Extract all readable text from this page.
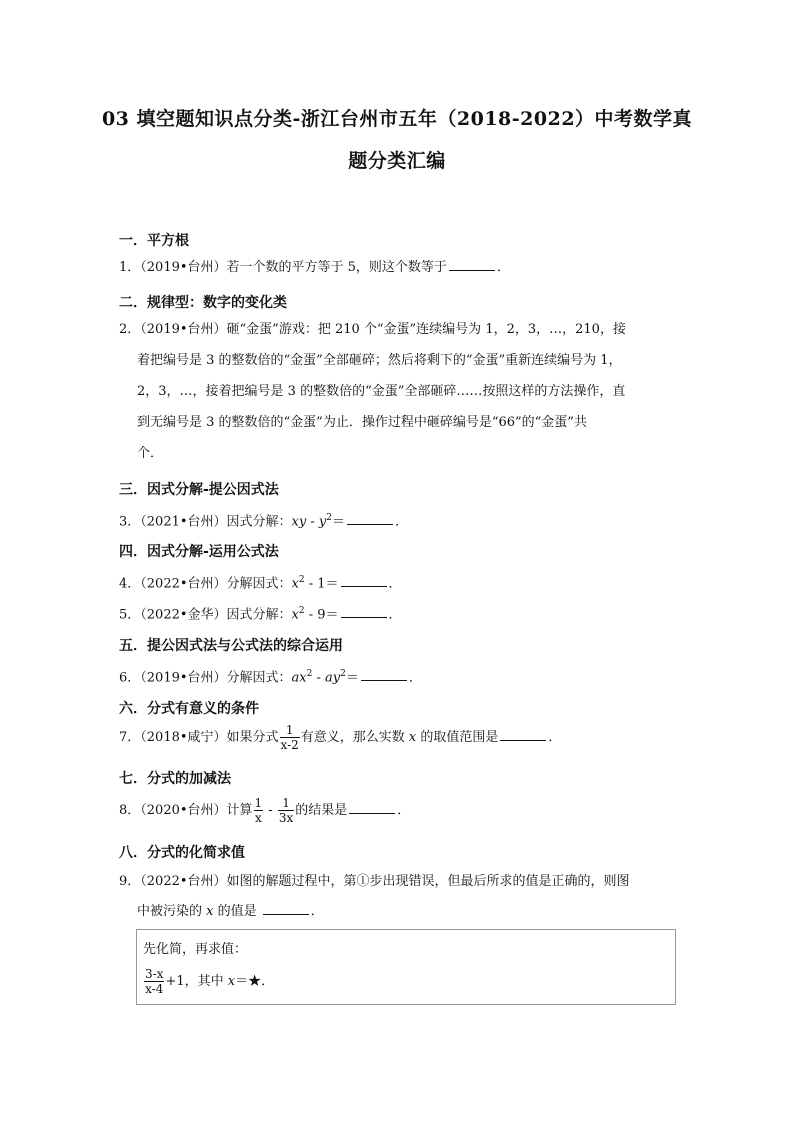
03 填空题知识点分类-浙江台州市五年（2018-2022）中考数学真
题分类汇编
一．平方根
1．（2019•台州）若一个数的平方等于 5，则这个数等于	．
二．规律型：数字的变化类
2．（2019•台州）砸“金蛋”游戏：把 210 个“金蛋”连续编号为 1，2，3，…，210，接
着把编号是 3 的整数倍的“金蛋”全部砸碎；然后将剩下的“金蛋”重新连续编号为 1，
2，3，…，接着把编号是 3 的整数倍的“金蛋”全部砸碎……按照这样的方法操作，直
到无编号是 3 的整数倍的“金蛋”为止．操作过程中砸碎编号是“66”的“金蛋”共
个．
三．因式分解-提公因式法
3．（2021•台州）因式分解：xy - $y^2=$	．
四．因式分解-运用公式法
4．（2022•台州）分解因式：$x^2 - 1=$	．
5．（2022•金华）因式分解：$x^2 - 9=$	．
五．提公因式法与公式法的综合运用
6．（2019•台州）分解因式：$ax^2 - ay^2=$	．
六．分式有意义的条件
7．（2018•咸宁）如果分式 $\frac{1}{x-2}$ 有意义，那么实数 x 的取值范围是	．
七．分式的加减法
8．（2020•台州）计算 $\frac{1}{x} - \frac{1}{3x}$ 的结果是	．
八．分式的化简求值
9．（2022•台州）如图的解题过程中，第①步出现错误，但最后所求的值是正确的，则图
中被污染的 x 的值是	．
先化简，再求值：
$\frac{3-x}{x-4} +1$，其中 x＝★．
